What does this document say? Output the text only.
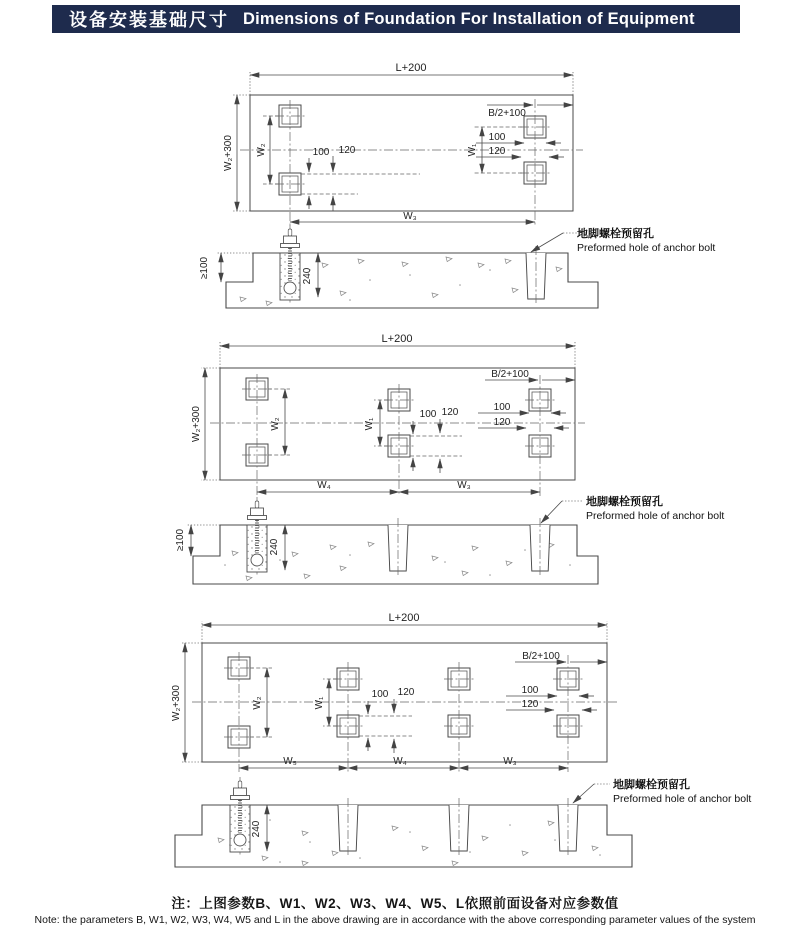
设备安装基础尺寸 Dimensions of Foundation For Installation of Equipment
L+200
W₂+300 W₂
B/2+100
W₁
100
120
100 120
W₃
≥100	240
地脚螺栓预留孔
Preformed hole of anchor bolt
L+200
W₂+300	W₂	W₁
100 120
B/2+100
100
120
W₄	W₃
≥100	240
地脚螺栓预留孔
Preformed hole of anchor bolt
L+200
W₂+300	W₂	W₁
100 120
B/2+100
100
120
W₅	W₄	W₃
240
地脚螺栓预留孔
Preformed hole of anchor bolt
注：上图参数B、W1、W2、W3、W4、W5、L依照前面设备对应参数值
Note: the parameters B, W1, W2, W3, W4, W5 and L in the above drawing are in accordance with the above corresponding parameter values of the system
